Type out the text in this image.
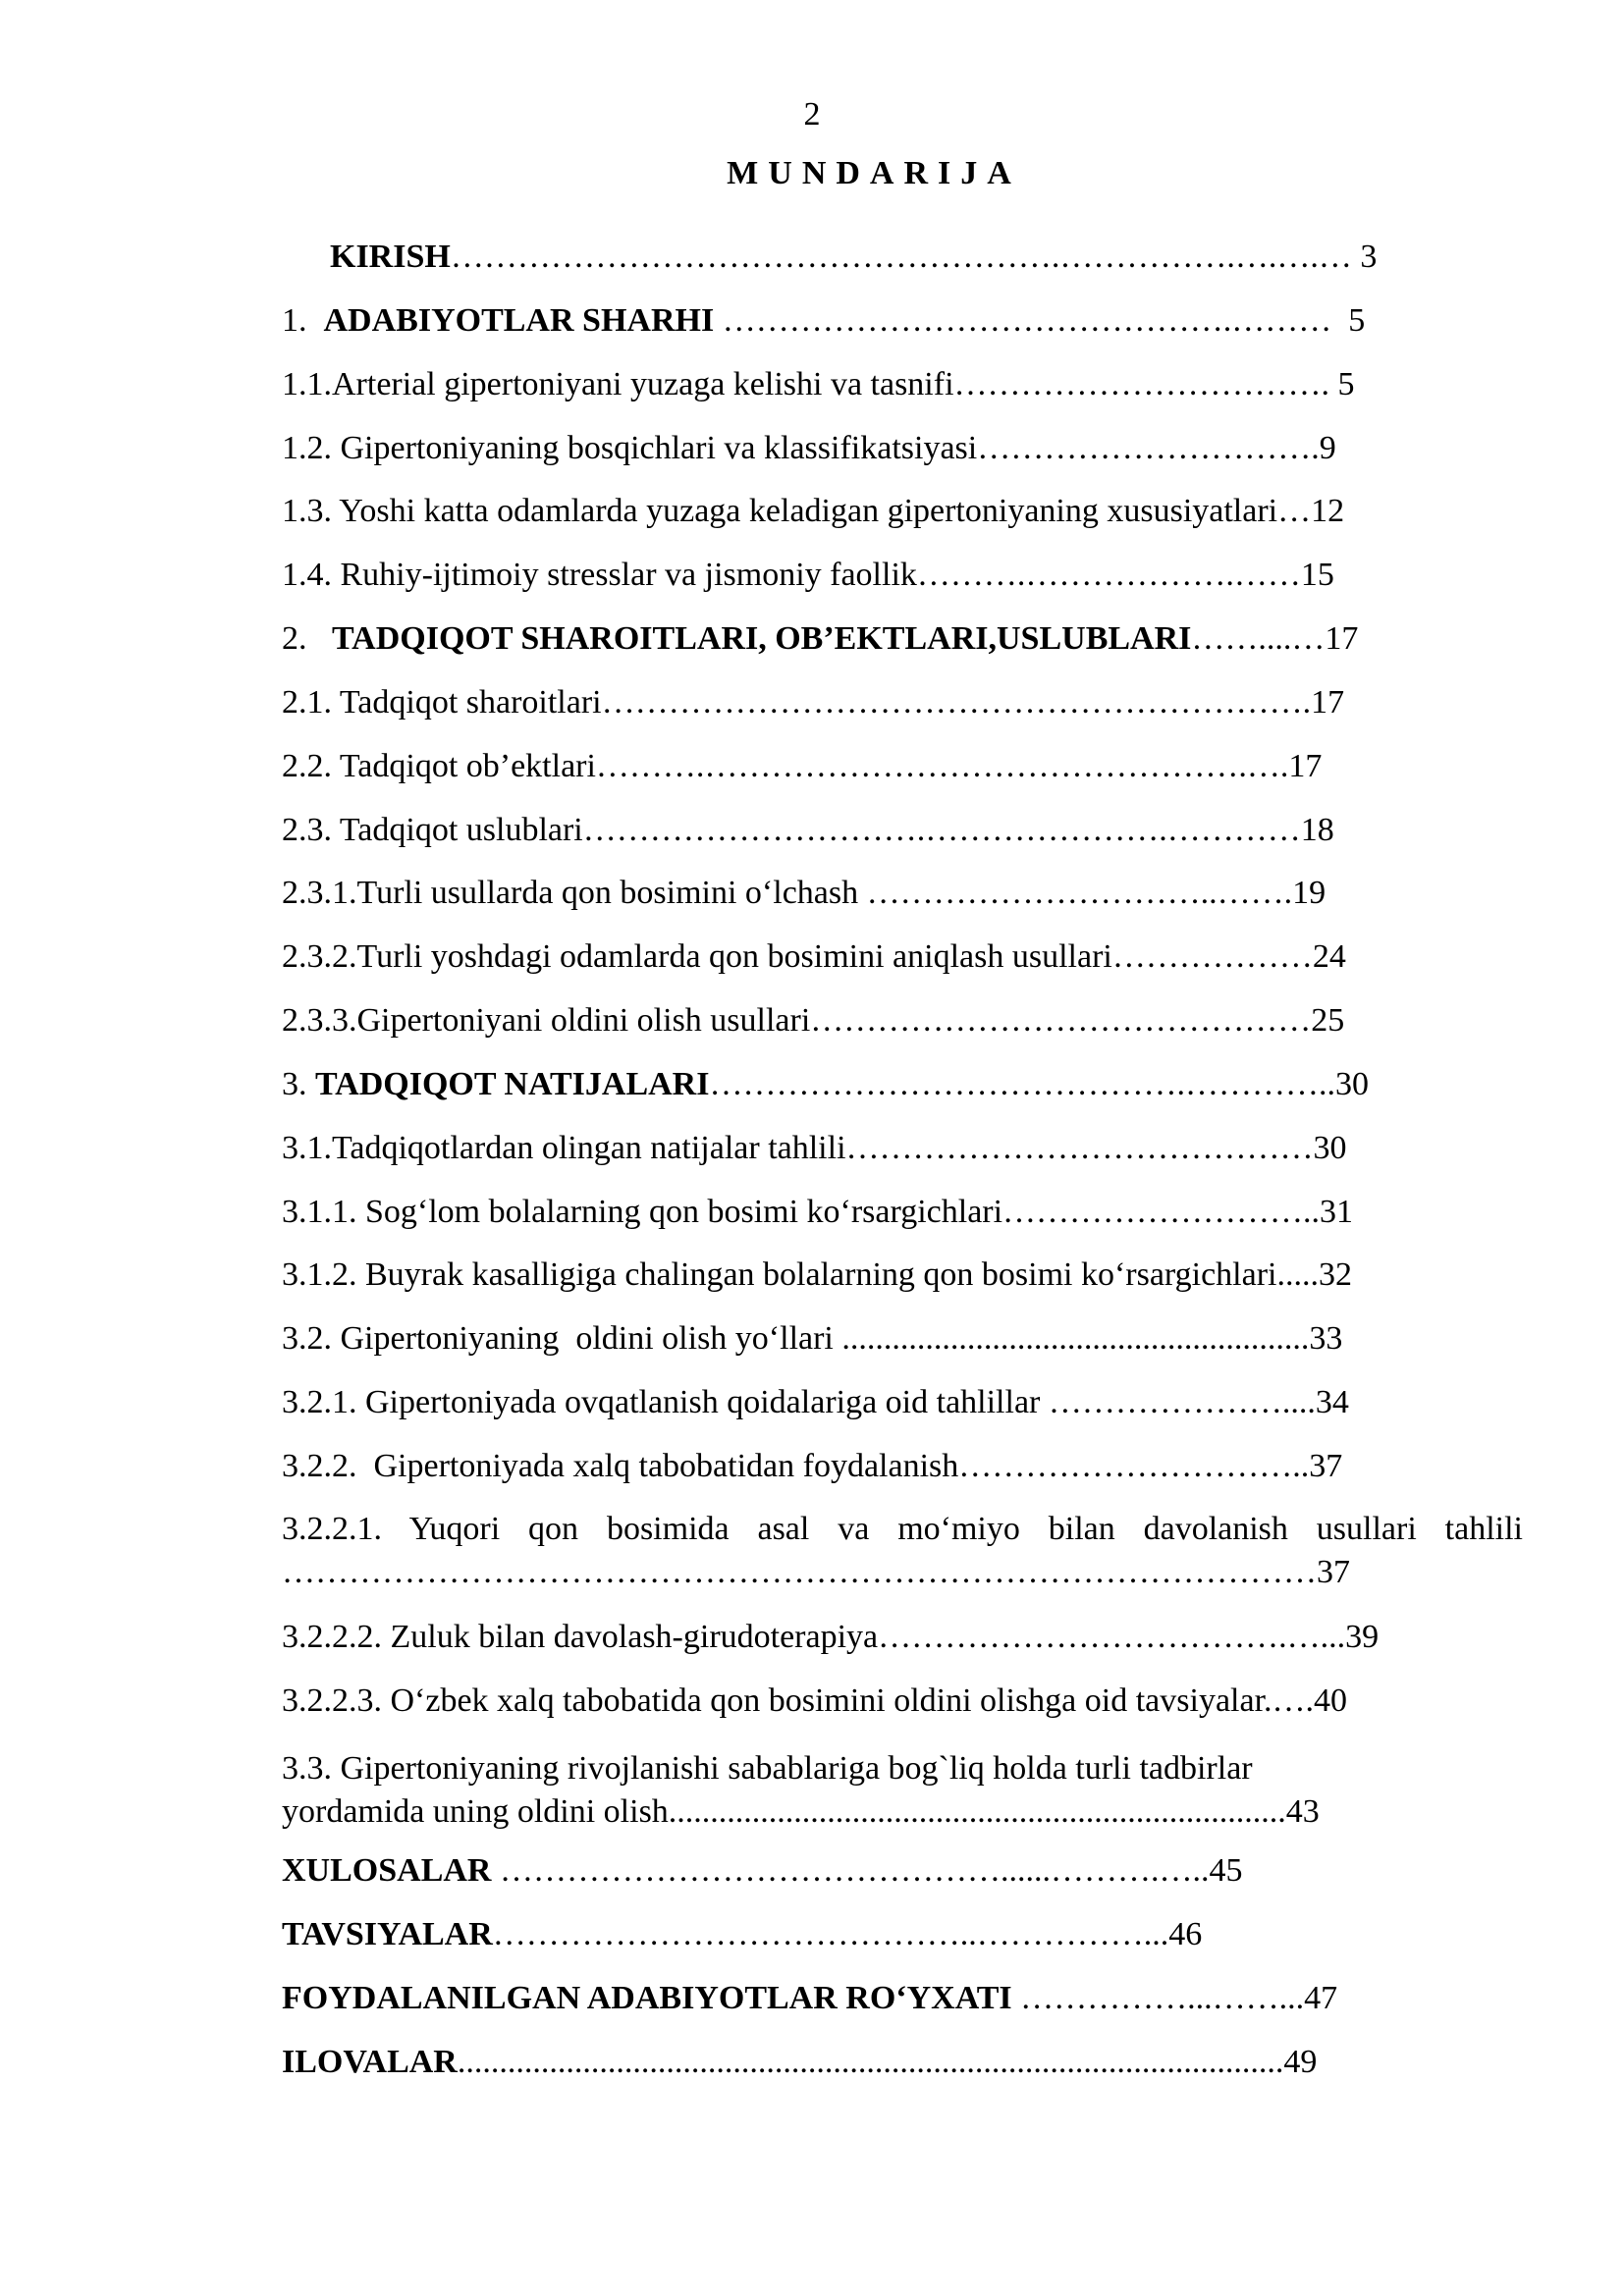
2
MUNDARIJA
KIRISH……………………………………………….…………….….….… 3
1.  ADABIYOTLAR SHARHI ……………………………………….………  5
1.1.Arterial gipertoniyani yuzaga kelishi va tasnifi……………………………. 5
1.2. Gipertoniyaning bosqichlari va klassifikatsiyasi………………………….9
1.3. Yoshi katta odamlarda yuzaga keladigan gipertoniyaning xususiyatlari…12
1.4. Ruhiy-ijtimoiy stresslar va jismoniy faollik……….……………….……15
2.   TADQIQOT SHAROITLARI, OB’EKTLARI,USLUBLARI……....…17
2.1. Tadqiqot sharoitlari……………………………………………………….17
2.2. Tadqiqot ob’ektlari……….………………………………………….….17
2.3. Tadqiqot uslublari………………………….………………….…………18
2.3.1.Turli usullarda qon bosimini o‘lchash …………………………..…….19
2.3.2.Turli yoshdagi odamlarda qon bosimini aniqlash usullari………………24
2.3.3.Gipertoniyani oldini olish usullari………………………………………25
3. TADQIQOT NATIJALARI…………………………………….…………..30
3.1.Tadqiqotlardan olingan natijalar tahlili……………………………………30
3.1.1. Sog‘lom bolalarning qon bosimi ko‘rsargichlari………………………..31
3.1.2. Buyrak kasalligiga chalingan bolalarning qon bosimi ko‘rsargichlari.....32
3.2. Gipertoniyaning  oldini olish yo‘llari ........................................................33
3.2.1. Gipertoniyada ovqatlanish qoidalariga oid tahlillar …………………....34
3.2.2.  Gipertoniyada xalq tabobatidan foydalanish…………………………..37
3.2.2.1. Yuqori qon bosimida asal va mo‘miyo bilan davolanish usullari tahlili
…………………………………………………………………………………37
3.2.2.2. Zuluk bilan davolash-girudoterapiya……………………………….…...39
3.2.2.3. O‘zbek xalq tabobatida qon bosimini oldini olishga oid tavsiyalar.….40
3.3. Gipertoniyaning rivojlanishi sabablariga bog`liq holda turli tadbirlar
yordamida uning oldini olish..........................................................................43
XULOSALAR ………………………………………......……….…..45
TAVSIYALAR……………………………………..……………...46
FOYDALANILGAN ADABIYOTLAR RO‘YXATI ……………...……...47
ILOVALAR...................................................................................................49
